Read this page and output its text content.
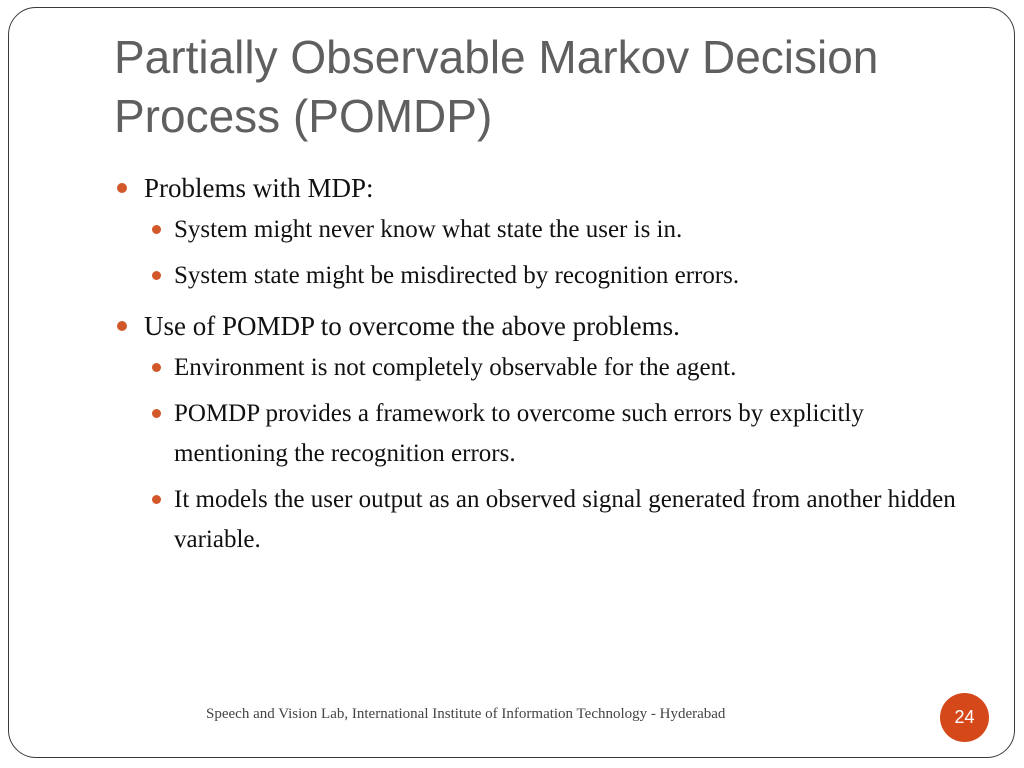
Partially Observable Markov Decision Process (POMDP)
Problems with MDP:
System might never know what state the user is in.
System state might be misdirected by recognition errors.
Use of POMDP to overcome the above problems.
Environment is not completely observable for the agent.
POMDP provides a framework to overcome such errors by explicitly mentioning the recognition errors.
It models the user output as an observed signal generated from another hidden variable.
Speech and Vision Lab, International Institute of Information Technology - Hyderabad	24
